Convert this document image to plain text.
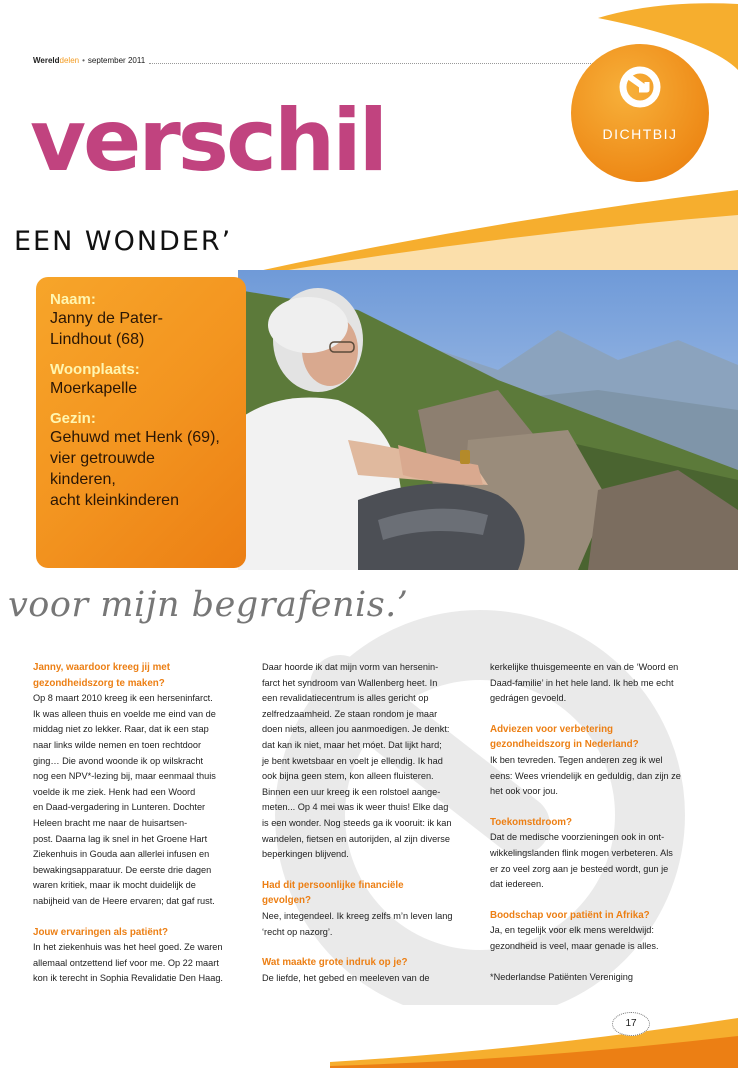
Wereld delen • september 2011
DICHTBIJ
verschil
EEN WONDER’
Naam:
Janny de Pater-
Lindhout (68)
Woonplaats:
Moerkapelle
Gezin:
Gehuwd met Henk (69),
vier getrouwde
kinderen,
acht kleinkinderen
voor mijn begrafenis.’
Janny, waardoor kreeg jij met
gezondheidszorg te maken?
Op 8 maart 2010 kreeg ik een herseninfarct.
Ik was alleen thuis en voelde me eind van de
middag niet zo lekker. Raar, dat ik een stap
naar links wilde nemen en toen rechtdoor
ging… Die avond woonde ik op wilskracht
nog een NPV*-lezing bij, maar eenmaal thuis
voelde ik me ziek. Henk had een Woord
en Daad-vergadering in Lunteren. Dochter
Heleen bracht me naar de huisartsen-
post. Daarna lag ik snel in het Groene Hart
Ziekenhuis in Gouda aan allerlei infusen en
bewakingsapparatuur. De eerste drie dagen
waren kritiek, maar ik mocht duidelijk de
nabijheid van de Heere ervaren; dat gaf rust.
Jouw ervaringen als patiënt?
In het ziekenhuis was het heel goed. Ze waren
allemaal ontzettend lief voor me. Op 22 maart
kon ik terecht in Sophia Revalidatie Den Haag.
Daar hoorde ik dat mijn vorm van hersenin-
farct het syndroom van Wallenberg heet. In
een revalidatiecentrum is alles gericht op
zelfredzaamheid. Ze staan rondom je maar
doen niets, alleen jou aanmoedigen. Je denkt:
dat kan ik niet, maar het móet. Dat lijkt hard;
je bent kwetsbaar en voelt je ellendig. Ik had
ook bijna geen stem, kon alleen fluisteren.
Binnen een uur kreeg ik een rolstoel aange-
meten... Op 4 mei was ik weer thuis! Elke dag
is een wonder. Nog steeds ga ik vooruit: ik kan
wandelen, fietsen en autorijden, al zijn diverse
beperkingen blijvend.
Had dit persoonlijke financiële
gevolgen?
Nee, integendeel. Ik kreeg zelfs m’n leven lang
‘recht op nazorg’.
Wat maakte grote indruk op je?
De liefde, het gebed en meeleven van de
kerkelijke thuisgemeente en van de ‘Woord en
Daad-familie’ in het hele land. Ik heb me echt
gedrágen gevoeld.
Adviezen voor verbetering
gezondheidszorg in Nederland?
Ik ben tevreden. Tegen anderen zeg ik wel
eens: Wees vriendelijk en geduldig, dan zijn ze
het ook voor jou.
Toekomstdroom?
Dat de medische voorzieningen ook in ont-
wikkelingslanden flink mogen verbeteren. Als
er zo veel zorg aan je besteed wordt, gun je
dat iedereen.
Boodschap voor patiënt in Afrika?
Ja, en tegelijk voor elk mens wereldwijd:
gezondheid is veel, maar genade is alles.
*Nederlandse Patiënten Vereniging
17
